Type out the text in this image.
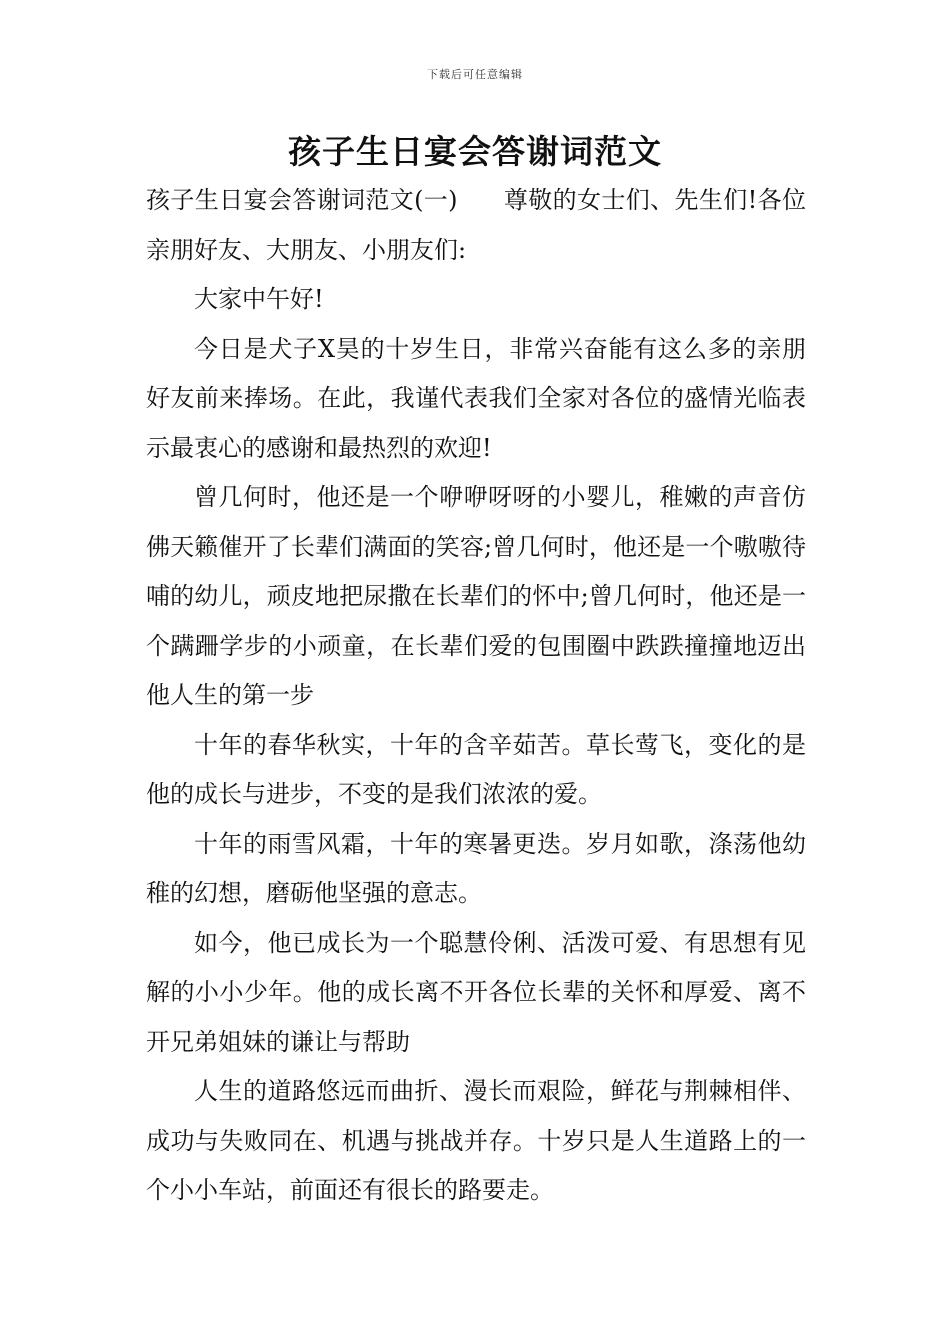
下载后可任意编辑
孩子生日宴会答谢词范文

孩子生日宴会答谢词范文(一) 尊敬的女士们、先生们!各位亲朋好友、大朋友、小朋友们:

大家中午好!

今日是犬子X昊的十岁生日，非常兴奋能有这么多的亲朋好友前来捧场。在此，我谨代表我们全家对各位的盛情光临表示最衷心的感谢和最热烈的欢迎!

曾几何时，他还是一个咿咿呀呀的小婴儿，稚嫩的声音仿佛天籁催开了长辈们满面的笑容;曾几何时，他还是一个嗷嗷待哺的幼儿，顽皮地把尿撒在长辈们的怀中;曾几何时，他还是一个蹒跚学步的小顽童，在长辈们爱的包围圈中跌跌撞撞地迈出他人生的第一步

十年的春华秋实，十年的含辛茹苦。草长莺飞，变化的是他的成长与进步，不变的是我们浓浓的爱。

十年的雨雪风霜，十年的寒暑更迭。岁月如歌，涤荡他幼稚的幻想，磨砺他坚强的意志。

如今，他已成长为一个聪慧伶俐、活泼可爱、有思想有见解的小小少年。他的成长离不开各位长辈的关怀和厚爱、离不开兄弟姐妹的谦让与帮助

人生的道路悠远而曲折、漫长而艰险，鲜花与荆棘相伴、成功与失败同在、机遇与挑战并存。十岁只是人生道路上的一个小小车站，前面还有很长的路要走。
